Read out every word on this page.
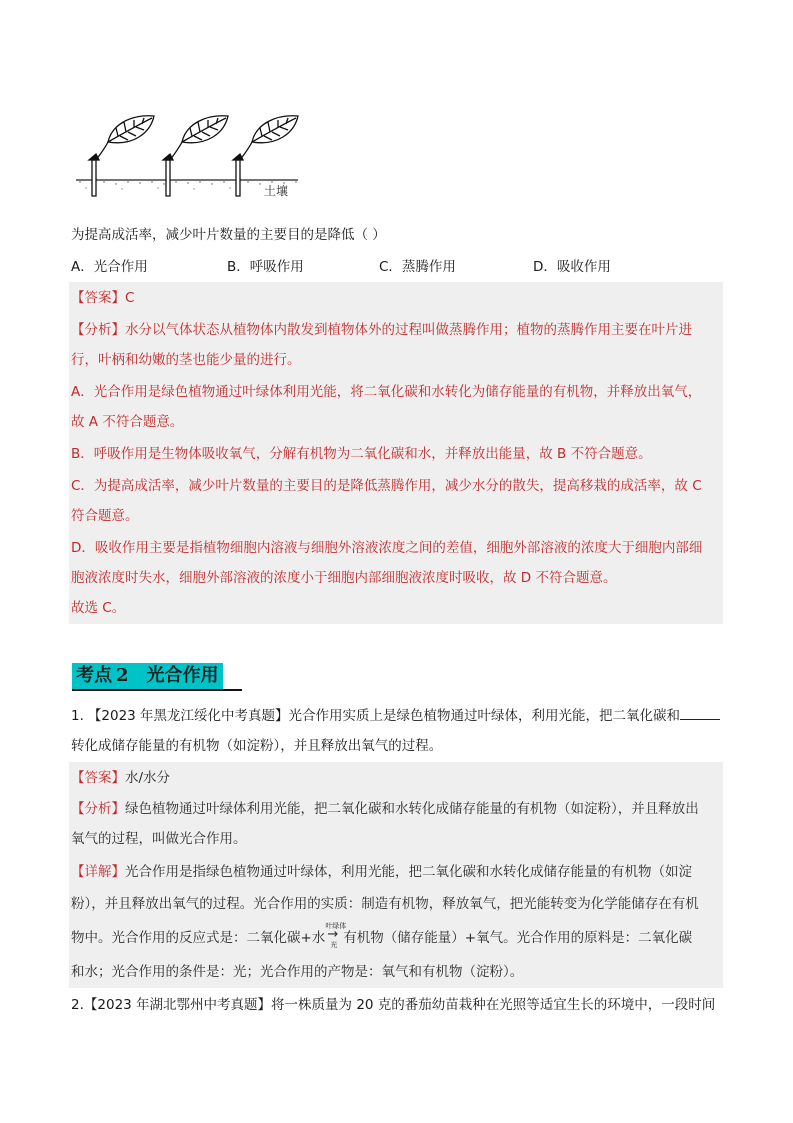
土壤
为提高成活率，减少叶片数量的主要目的是降低（ ）
A．光合作用	B．呼吸作用	C．蒸腾作用	D．吸收作用
【答案】C
【分析】水分以气体状态从植物体内散发到植物体外的过程叫做蒸腾作用；植物的蒸腾作用主要在叶片进
行，叶柄和幼嫩的茎也能少量的进行。
A．光合作用是绿色植物通过叶绿体利用光能，将二氧化碳和水转化为储存能量的有机物，并释放出氧气，
故 A 不符合题意。
B．呼吸作用是生物体吸收氧气，分解有机物为二氧化碳和水，并释放出能量，故 B 不符合题意。
C．为提高成活率，减少叶片数量的主要目的是降低蒸腾作用，减少水分的散失，提高移栽的成活率，故 C
符合题意。
D．吸收作用主要是指植物细胞内溶液与细胞外溶液浓度之间的差值，细胞外部溶液的浓度大于细胞内部细
胞液浓度时失水，细胞外部溶液的浓度小于细胞内部细胞液浓度时吸收，故 D 不符合题意。
故选 C。
考点 2 光合作用
1. 【2023 年黑龙江绥化中考真题】光合作用实质上是绿色植物通过叶绿体，利用光能，把二氧化碳和
转化成储存能量的有机物（如淀粉），并且释放出氧气的过程。
【答案】水/水分
【分析】绿色植物通过叶绿体利用光能，把二氧化碳和水转化成储存能量的有机物（如淀粉），并且释放出
氧气的过程，叫做光合作用。
【详解】光合作用是指绿色植物通过叶绿体，利用光能，把二氧化碳和水转化成储存能量的有机物（如淀
粉），并且释放出氧气的过程。光合作用的实质：制造有机物，释放氧气，把光能转变为化学能储存在有机
物中。光合作用的反应式是：二氧化碳+水
叶绿体
→
光 有机物（储存能量）+氧气。光合作用的原料是：二氧化碳
和水；光合作用的条件是：光；光合作用的产物是：氧气和有机物（淀粉）。
2.【2023 年湖北鄂州中考真题】将一株质量为 20 克的番茄幼苗栽种在光照等适宜生长的环境中，一段时间
